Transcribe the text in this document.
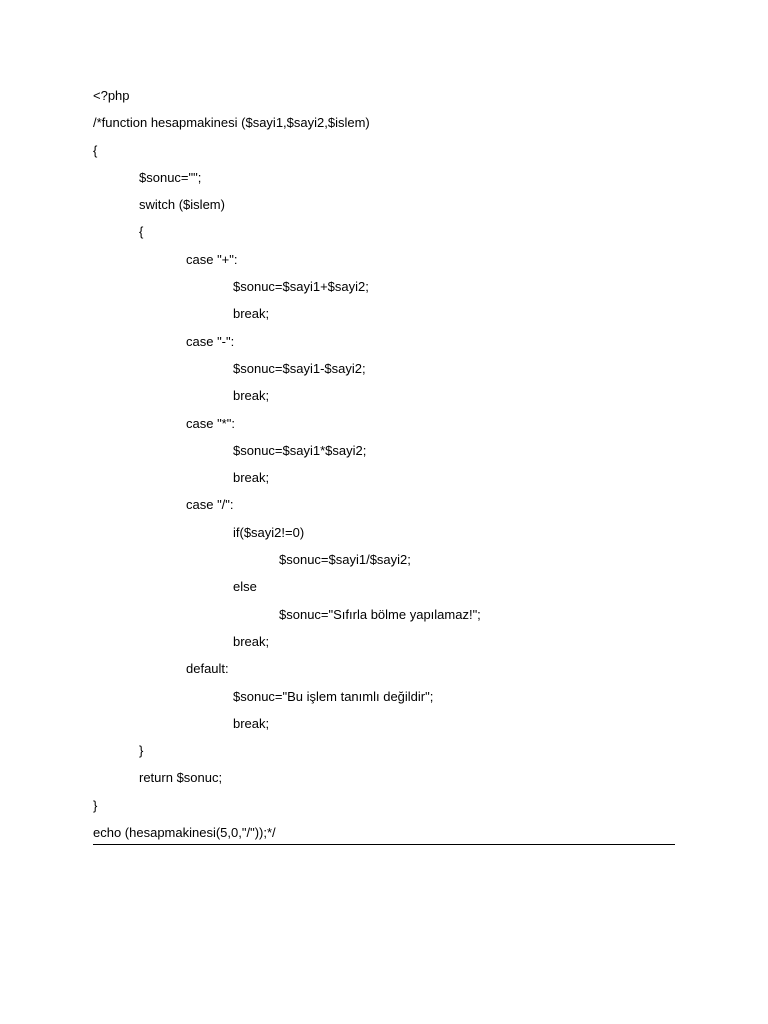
<?php
/*function hesapmakinesi ($sayi1,$sayi2,$islem)
{
$sonuc="";
switch ($islem)
{
case "+":
$sonuc=$sayi1+$sayi2;
break;
case "-":
$sonuc=$sayi1-$sayi2;
break;
case "*":
$sonuc=$sayi1*$sayi2;
break;
case "/":
if($sayi2!=0)
$sonuc=$sayi1/$sayi2;
else
$sonuc="Sıfırla bölme yapılamaz!";
break;
default:
$sonuc="Bu işlem tanımlı değildir";
break;
}
return $sonuc;
}
echo (hesapmakinesi(5,0,"/"));*/
